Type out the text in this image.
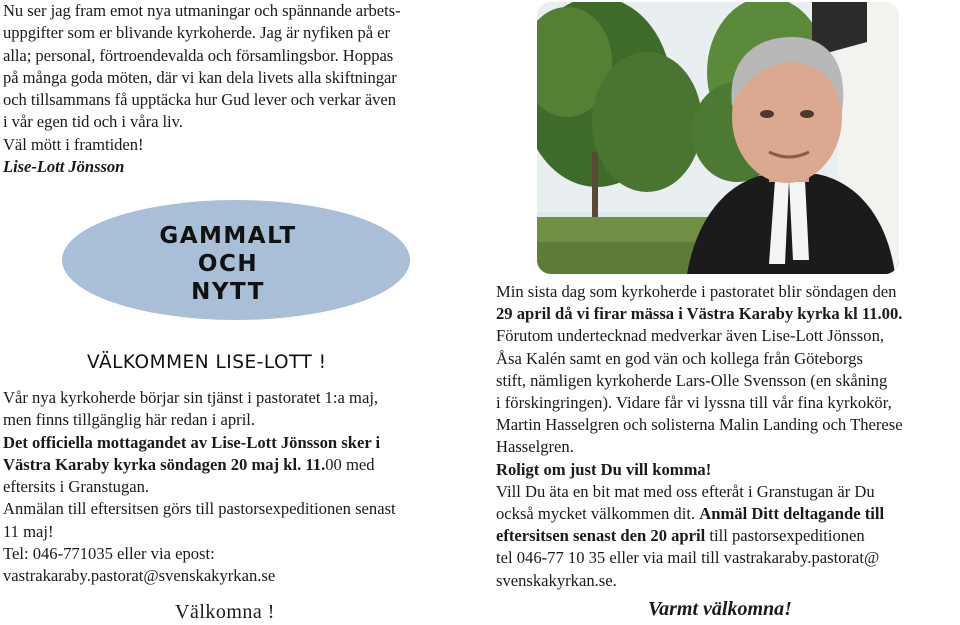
Nu ser jag fram emot nya utmaningar och spännande arbets-

uppgifter som er blivande kyrkoherde. Jag är nyfiken på er

alla; personal, förtroendevalda och församlingsbor. Hoppas

på många goda möten, där vi kan dela livets alla skiftningar

och tillsammans få upptäcka hur Gud lever och verkar även

i vår egen tid och i våra liv.

Väl mött i framtiden!

Lise-Lott Jönsson

GAMMALT
OCH
NYTT
VÄLKOMMEN LISE-LOTT !

Vår nya kyrkoherde börjar sin tjänst i pastoratet 1:a maj,

men finns tillgänglig här redan i april.

Det officiella mottagandet av Lise-Lott Jönsson sker i

Västra Karaby kyrka söndagen 20 maj kl. 11.00 med

eftersits i Granstugan.

Anmälan till eftersitsen görs till pastorsexpeditionen senast

11 maj!

Tel: 046-771035 eller via epost:

vastrakaraby.pastorat@svenskakyrkan.se

Välkomna !

Min sista dag som kyrkoherde i pastoratet blir söndagen den

29 april då vi firar mässa i Västra Karaby kyrka kl 11.00.

Förutom undertecknad medverkar även Lise-Lott Jönsson,

Åsa Kalén samt en god vän och kollega från Göteborgs

stift, nämligen kyrkoherde Lars-Olle Svensson (en skåning

i förskingringen). Vidare får vi lyssna till vår fina kyrkokör,

Martin Hasselgren och solisterna Malin Landing och Therese

Hasselgren.

Roligt om just Du vill komma!

Vill Du äta en bit mat med oss efteråt i Granstugan är Du

också mycket välkommen dit. Anmäl Ditt deltagande till

eftersitsen senast den 20 april till pastorsexpeditionen

tel 046-77 10 35 eller via mail till vastrakaraby.pastorat@

svenskakyrkan.se.

Varmt välkomna!
